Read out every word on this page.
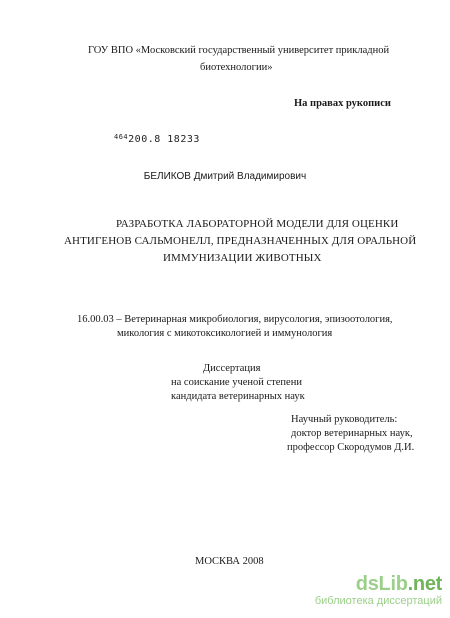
ГОУ ВПО «Московский государственный университет прикладной
биотехнологии»
На правах рукописи
$^{464}$200.8 18233
БЕЛИКОВ Дмитрий Владимирович
РАЗРАБОТКА ЛАБОРАТОРНОЙ МОДЕЛИ ДЛЯ ОЦЕНКИ
АНТИГЕНОВ САЛЬМОНЕЛЛ, ПРЕДНАЗНАЧЕННЫХ ДЛЯ ОРАЛЬНОЙ
ИММУНИЗАЦИИ ЖИВОТНЫХ
16.00.03 – Ветеринарная микробиология, вирусология, эпизоотология,
микология с микотоксикологией и иммунология
Диссертация
на соискание ученой степени
кандидата ветеринарных наук
Научный руководитель:
доктор ветеринарных наук,
профессор Скородумов Д.И.
МОСКВА 2008
dsLib.net
библиотека диссертаций
